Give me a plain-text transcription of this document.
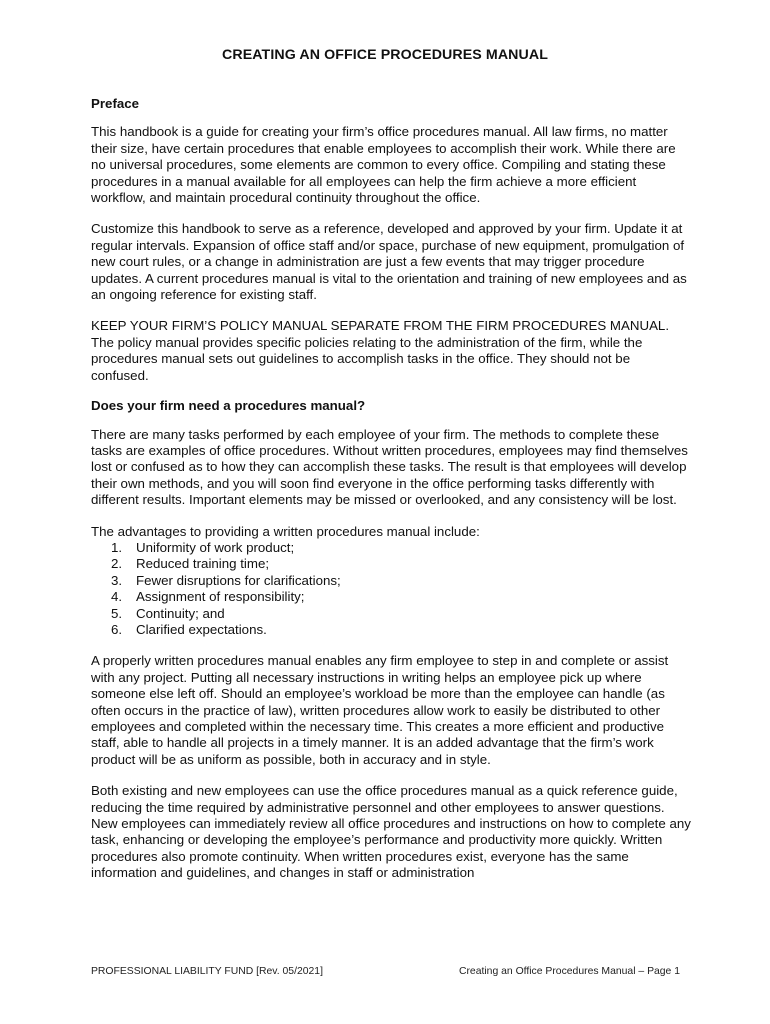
CREATING AN OFFICE PROCEDURES MANUAL
Preface

This handbook is a guide for creating your firm’s office procedures manual. All law firms, no matter their size, have certain procedures that enable employees to accomplish their work. While there are no universal procedures, some elements are common to every office. Compiling and stating these procedures in a manual available for all employees can help the firm achieve a more efficient workflow, and maintain procedural continuity throughout the office.

Customize this handbook to serve as a reference, developed and approved by your firm. Update it at regular intervals. Expansion of office staff and/or space, purchase of new equipment, promulgation of new court rules, or a change in administration are just a few events that may trigger procedure updates. A current procedures manual is vital to the orientation and training of new employees and as an ongoing reference for existing staff.

KEEP YOUR FIRM’S POLICY MANUAL SEPARATE FROM THE FIRM PROCEDURES MANUAL. The policy manual provides specific policies relating to the administration of the firm, while the procedures manual sets out guidelines to accomplish tasks in the office. They should not be confused.

Does your firm need a procedures manual?

There are many tasks performed by each employee of your firm. The methods to complete these tasks are examples of office procedures. Without written procedures, employees may find themselves lost or confused as to how they can accomplish these tasks. The result is that employees will develop their own methods, and you will soon find everyone in the office performing tasks differently with different results. Important elements may be missed or overlooked, and any consistency will be lost.

The advantages to providing a written procedures manual include:

1. Uniformity of work product;
2. Reduced training time;
3. Fewer disruptions for clarifications;
4. Assignment of responsibility;
5. Continuity; and
6. Clarified expectations.

A properly written procedures manual enables any firm employee to step in and complete or assist with any project. Putting all necessary instructions in writing helps an employee pick up where someone else left off. Should an employee’s workload be more than the employee can handle (as often occurs in the practice of law), written procedures allow work to easily be distributed to other employees and completed within the necessary time. This creates a more efficient and productive staff, able to handle all projects in a timely manner. It is an added advantage that the firm’s work product will be as uniform as possible, both in accuracy and in style.

Both existing and new employees can use the office procedures manual as a quick reference guide, reducing the time required by administrative personnel and other employees to answer questions. New employees can immediately review all office procedures and instructions on how to complete any task, enhancing or developing the employee’s performance and productivity more quickly. Written procedures also promote continuity. When written procedures exist, everyone has the same information and guidelines, and changes in staff or administration

PROFESSIONAL LIABILITY FUND [Rev. 05/2021]	Creating an Office Procedures Manual – Page 1
